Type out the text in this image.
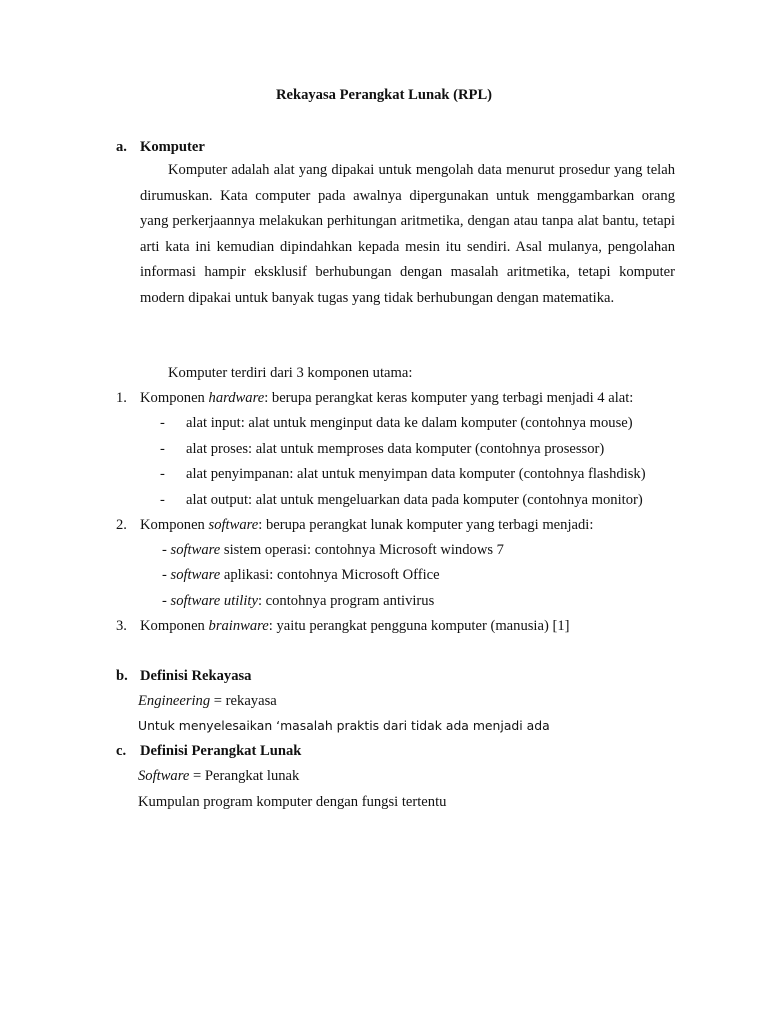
Rekayasa Perangkat Lunak (RPL)
a. Komputer
Komputer adalah alat yang dipakai untuk mengolah data menurut prosedur yang telah dirumuskan. Kata computer pada awalnya dipergunakan untuk menggambarkan orang yang perkerjaannya melakukan perhitungan aritmetika, dengan atau tanpa alat bantu, tetapi arti kata ini kemudian dipindahkan kepada mesin itu sendiri. Asal mulanya, pengolahan informasi hampir eksklusif berhubungan dengan masalah aritmetika, tetapi komputer modern dipakai untuk banyak tugas yang tidak berhubungan dengan matematika.
Komputer terdiri dari 3 komponen utama:
1. Komponen hardware: berupa perangkat keras komputer yang terbagi menjadi 4 alat:
- alat input: alat untuk menginput data ke dalam komputer (contohnya mouse)
- alat proses: alat untuk memproses data komputer (contohnya prosessor)
- alat penyimpanan: alat untuk menyimpan data komputer (contohnya flashdisk)
- alat output: alat untuk mengeluarkan data pada komputer (contohnya monitor)
2. Komponen software: berupa perangkat lunak komputer yang terbagi menjadi:
- software sistem operasi: contohnya Microsoft windows 7
- software aplikasi: contohnya Microsoft Office
- software utility: contohnya program antivirus
3. Komponen brainware: yaitu perangkat pengguna komputer (manusia) [1]
b. Definisi Rekayasa
Engineering = rekayasa
Untuk menyelesaikan ‘masalah praktis dari tidak ada menjadi ada
c. Definisi Perangkat Lunak
Software = Perangkat lunak
Kumpulan program komputer dengan fungsi tertentu
